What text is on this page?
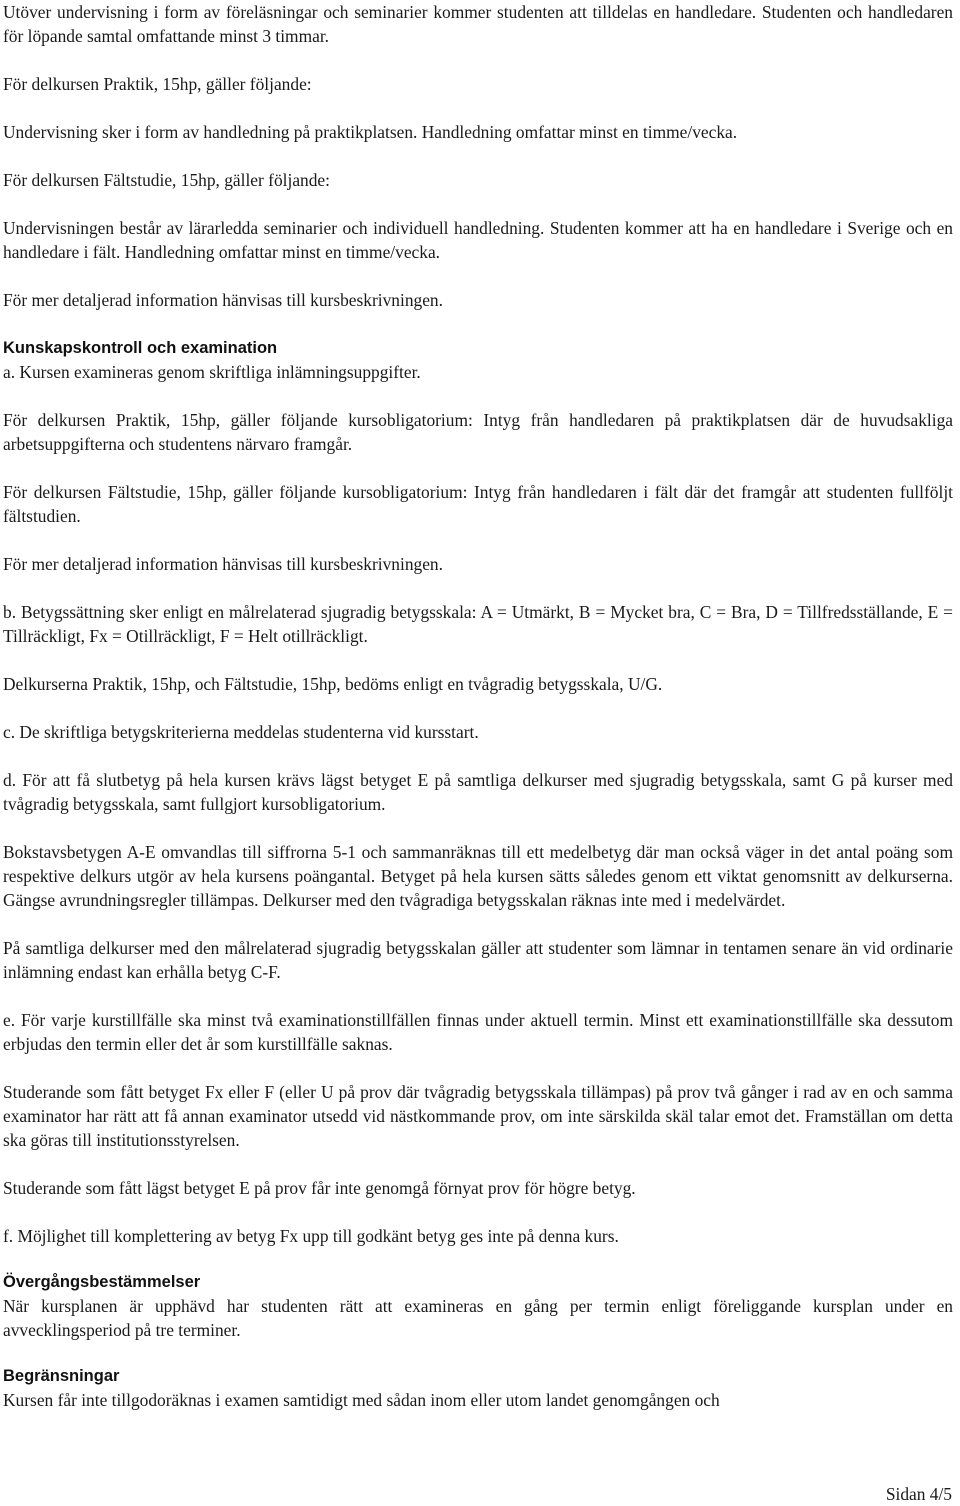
Utöver undervisning i form av föreläsningar och seminarier kommer studenten att tilldelas en handledare. Studenten och handledaren för löpande samtal omfattande minst 3 timmar.

För delkursen Praktik, 15hp, gäller följande:

Undervisning sker i form av handledning på praktikplatsen. Handledning omfattar minst en timme/vecka.

För delkursen Fältstudie, 15hp, gäller följande:

Undervisningen består av lärarledda seminarier och individuell handledning. Studenten kommer att ha en handledare i Sverige och en handledare i fält. Handledning omfattar minst en timme/vecka.

För mer detaljerad information hänvisas till kursbeskrivningen.

Kunskapskontroll och examination

a. Kursen examineras genom skriftliga inlämningsuppgifter.

För delkursen Praktik, 15hp, gäller följande kursobligatorium: Intyg från handledaren på praktikplatsen där de huvudsakliga arbetsuppgifterna och studentens närvaro framgår.

För delkursen Fältstudie, 15hp, gäller följande kursobligatorium: Intyg från handledaren i fält där det framgår att studenten fullföljt fältstudien.

För mer detaljerad information hänvisas till kursbeskrivningen.

b. Betygssättning sker enligt en målrelaterad sjugradig betygsskala: A = Utmärkt, B = Mycket bra, C = Bra, D = Tillfredsställande, E = Tillräckligt, Fx = Otillräckligt, F = Helt otillräckligt.

Delkurserna Praktik, 15hp, och Fältstudie, 15hp, bedöms enligt en tvågradig betygsskala, U/G.

c. De skriftliga betygskriterierna meddelas studenterna vid kursstart.

d. För att få slutbetyg på hela kursen krävs lägst betyget E på samtliga delkurser med sjugradig betygsskala, samt G på kurser med tvågradig betygsskala, samt fullgjort kursobligatorium.

Bokstavsbetygen A-E omvandlas till siffrorna 5-1 och sammanräknas till ett medelbetyg där man också väger in det antal poäng som respektive delkurs utgör av hela kursens poängantal. Betyget på hela kursen sätts således genom ett viktat genomsnitt av delkurserna. Gängse avrundningsregler tillämpas. Delkurser med den tvågradiga betygsskalan räknas inte med i medelvärdet.

På samtliga delkurser med den målrelaterad sjugradig betygsskalan gäller att studenter som lämnar in tentamen senare än vid ordinarie inlämning endast kan erhålla betyg C-F.

e. För varje kurstillfälle ska minst två examinationstillfällen finnas under aktuell termin. Minst ett examinationstillfälle ska dessutom erbjudas den termin eller det år som kurstillfälle saknas.

Studerande som fått betyget Fx eller F (eller U på prov där tvågradig betygsskala tillämpas) på prov två gånger i rad av en och samma examinator har rätt att få annan examinator utsedd vid nästkommande prov, om inte särskilda skäl talar emot det. Framställan om detta ska göras till institutionsstyrelsen.

Studerande som fått lägst betyget E på prov får inte genomgå förnyat prov för högre betyg.

f. Möjlighet till komplettering av betyg Fx upp till godkänt betyg ges inte på denna kurs.

Övergångsbestämmelser

När kursplanen är upphävd har studenten rätt att examineras en gång per termin enligt föreliggande kursplan under en avvecklingsperiod på tre terminer.

Begränsningar

Kursen får inte tillgodoräknas i examen samtidigt med sådan inom eller utom landet genomgången och

Sidan 4/5
